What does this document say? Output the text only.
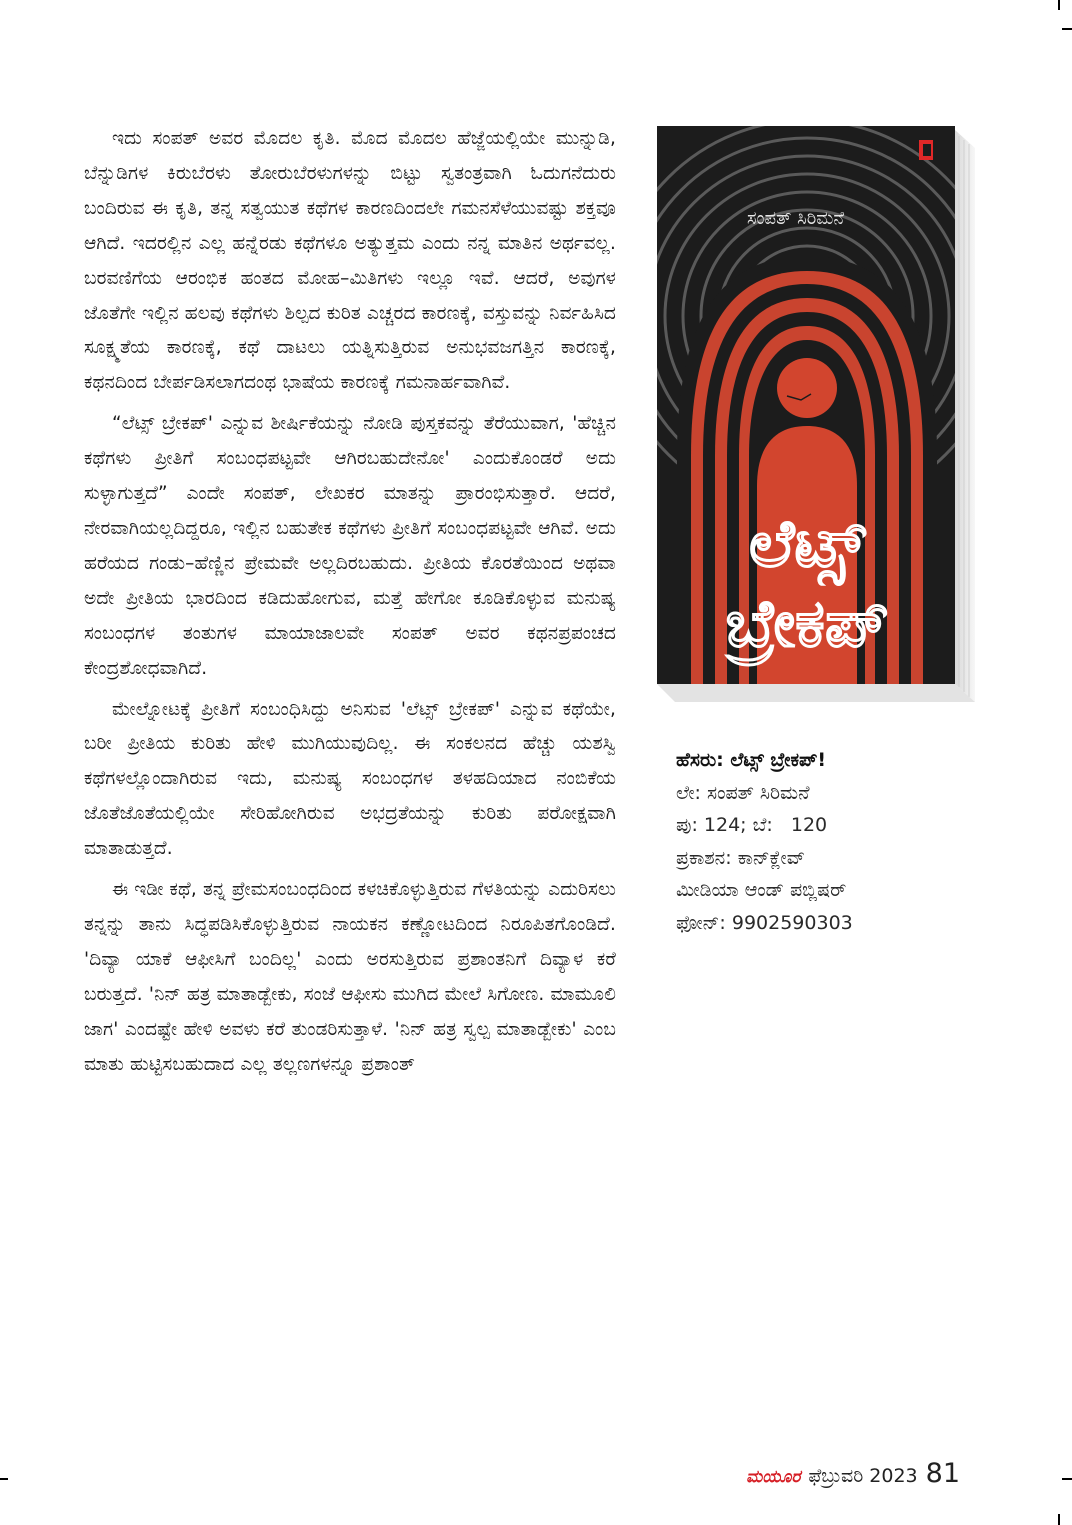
ಇದು ಸಂಪತ್ ಅವರ ಮೊದಲ ಕೃತಿ. ಮೊದ ಮೊದಲ ಹೆಜ್ಜೆಯಲ್ಲಿಯೇ ಮುನ್ನುಡಿ, ಬೆನ್ನುಡಿಗಳ ಕಿರುಬೆರಳು ತೋರುಬೆರಳುಗಳನ್ನು ಬಿಟ್ಟು ಸ್ವತಂತ್ರವಾಗಿ ಓದುಗನೆದುರು ಬಂದಿರುವ ಈ ಕೃತಿ, ತನ್ನ ಸತ್ವಯುತ ಕಥೆಗಳ ಕಾರಣದಿಂದಲೇ ಗಮನಸೆಳೆಯುವಷ್ಟು ಶಕ್ತವೂ ಆಗಿದೆ. ಇದರಲ್ಲಿನ ಎಲ್ಲ ಹನ್ನೆರಡು ಕಥೆಗಳೂ ಅತ್ಯುತ್ತಮ ಎಂದು ನನ್ನ ಮಾತಿನ ಅರ್ಥವಲ್ಲ. ಬರವಣಿಗೆಯ ಆರಂಭಿಕ ಹಂತದ ಮೋಹ–ಮಿತಿಗಳು ಇಲ್ಲೂ ಇವೆ. ಆದರೆ, ಅವುಗಳ ಜೊತೆಗೇ ಇಲ್ಲಿನ ಹಲವು ಕಥೆಗಳು ಶಿಲ್ಪದ ಕುರಿತ ಎಚ್ಚರದ ಕಾರಣಕ್ಕೆ, ವಸ್ತುವನ್ನು ನಿರ್ವಹಿಸಿದ ಸೂಕ್ಷ್ಮತೆಯ ಕಾರಣಕ್ಕೆ, ಕಥೆ ದಾಟಲು ಯತ್ನಿಸುತ್ತಿರುವ ಅನುಭವಜಗತ್ತಿನ ಕಾರಣಕ್ಕೆ, ಕಥನದಿಂದ ಬೇರ್ಪಡಿಸಲಾಗದಂಥ ಭಾಷೆಯ ಕಾರಣಕ್ಕೆ ಗಮನಾರ್ಹವಾಗಿವೆ.

“ಲೆಟ್ಸ್ ಬ್ರೇಕಪ್' ಎನ್ನುವ ಶೀರ್ಷಿಕೆಯನ್ನು ನೋಡಿ ಪುಸ್ತಕವನ್ನು ತೆರೆಯುವಾಗ, 'ಹೆಚ್ಚಿನ ಕಥೆಗಳು ಪ್ರೀತಿಗೆ ಸಂಬಂಧಪಟ್ಟವೇ ಆಗಿರಬಹುದೇನೋ' ಎಂದುಕೊಂಡರೆ ಅದು ಸುಳ್ಳಾಗುತ್ತದೆ” ಎಂದೇ ಸಂಪತ್, ಲೇಖಕರ ಮಾತನ್ನು ಪ್ರಾರಂಭಿಸುತ್ತಾರೆ. ಆದರೆ, ನೇರವಾಗಿಯಲ್ಲದಿದ್ದರೂ, ಇಲ್ಲಿನ ಬಹುತೇಕ ಕಥೆಗಳು ಪ್ರೀತಿಗೆ ಸಂಬಂಧಪಟ್ಟವೇ ಆಗಿವೆ. ಅದು ಹರೆಯದ ಗಂಡು–ಹೆಣ್ಣಿನ ಪ್ರೇಮವೇ ಅಲ್ಲದಿರಬಹುದು. ಪ್ರೀತಿಯ ಕೊರತೆಯಿಂದ ಅಥವಾ ಅದೇ ಪ್ರೀತಿಯ ಭಾರದಿಂದ ಕಡಿದುಹೋಗುವ, ಮತ್ತೆ ಹೇಗೋ ಕೂಡಿಕೊಳ್ಳುವ ಮನುಷ್ಯ ಸಂಬಂಧಗಳ ತಂತುಗಳ ಮಾಯಾಜಾಲವೇ ಸಂಪತ್ ಅವರ ಕಥನಪ್ರಪಂಚದ ಕೇಂದ್ರಶೋಧವಾಗಿದೆ.

ಮೇಲ್ನೋಟಕ್ಕೆ ಪ್ರೀತಿಗೆ ಸಂಬಂಧಿಸಿದ್ದು ಅನಿಸುವ 'ಲೆಟ್ಸ್ ಬ್ರೇಕಪ್' ಎನ್ನುವ ಕಥೆಯೇ, ಬರೀ ಪ್ರೀತಿಯ ಕುರಿತು ಹೇಳಿ ಮುಗಿಯುವುದಿಲ್ಲ. ಈ ಸಂಕಲನದ ಹೆಚ್ಚು ಯಶಸ್ವಿ ಕಥೆಗಳಲ್ಲೊಂದಾಗಿರುವ ಇದು, ಮನುಷ್ಯ ಸಂಬಂಧಗಳ ತಳಹದಿಯಾದ ನಂಬಿಕೆಯ ಜೊತೆಜೊತೆಯಲ್ಲಿಯೇ ಸೇರಿಹೋಗಿರುವ ಅಭದ್ರತೆಯನ್ನು ಕುರಿತು ಪರೋಕ್ಷವಾಗಿ ಮಾತಾಡುತ್ತದೆ.

ಈ ಇಡೀ ಕಥೆ, ತನ್ನ ಪ್ರೇಮಸಂಬಂಧದಿಂದ ಕಳಚಿಕೊಳ್ಳುತ್ತಿರುವ ಗೆಳತಿಯನ್ನು ಎದುರಿಸಲು ತನ್ನನ್ನು ತಾನು ಸಿದ್ಧಪಡಿಸಿಕೊಳ್ಳುತ್ತಿರುವ ನಾಯಕನ ಕಣ್ಣೋಟದಿಂದ ನಿರೂಪಿತಗೊಂಡಿದೆ. 'ದಿವ್ಯಾ ಯಾಕೆ ಆಫೀಸಿಗೆ ಬಂದಿಲ್ಲ' ಎಂದು ಅರಸುತ್ತಿರುವ ಪ್ರಶಾಂತನಿಗೆ ದಿವ್ಯಾಳ ಕರೆ ಬರುತ್ತದೆ. 'ನಿನ್ ಹತ್ರ ಮಾತಾಡ್ಬೇಕು, ಸಂಜೆ ಆಫೀಸು ಮುಗಿದ ಮೇಲೆ ಸಿಗೋಣ. ಮಾಮೂಲಿ ಜಾಗ' ಎಂದಷ್ಟೇ ಹೇಳಿ ಅವಳು ಕರೆ ತುಂಡರಿಸುತ್ತಾಳೆ. 'ನಿನ್ ಹತ್ರ ಸ್ವಲ್ಪ ಮಾತಾಡ್ಬೇಕು' ಎಂಬ ಮಾತು ಹುಟ್ಟಿಸಬಹುದಾದ ಎಲ್ಲ ತಲ್ಲಣಗಳನ್ನೂ ಪ್ರಶಾಂತ್

ಸಂಪತ್ ಸಿರಿಮನೆ
ಲೆಟ್ಸ್
ಬ್ರೇಕಪ್
ಹೆಸರು: ಲೆಟ್ಸ್ ಬ್ರೇಕಪ್!
ಲೇ: ಸಂಪತ್ ಸಿರಿಮನೆ
ಪು: 124; ಬೆ:   120
ಪ್ರಕಾಶನ: ಕಾನ್‌ಕ್ಲೇವ್
ಮೀಡಿಯಾ ಆಂಡ್ ಪಬ್ಲಿಷರ್
ಫೋನ್: 9902590303
ಮಯೂರ ಫೆಬ್ರುವರಿ 2023 81
